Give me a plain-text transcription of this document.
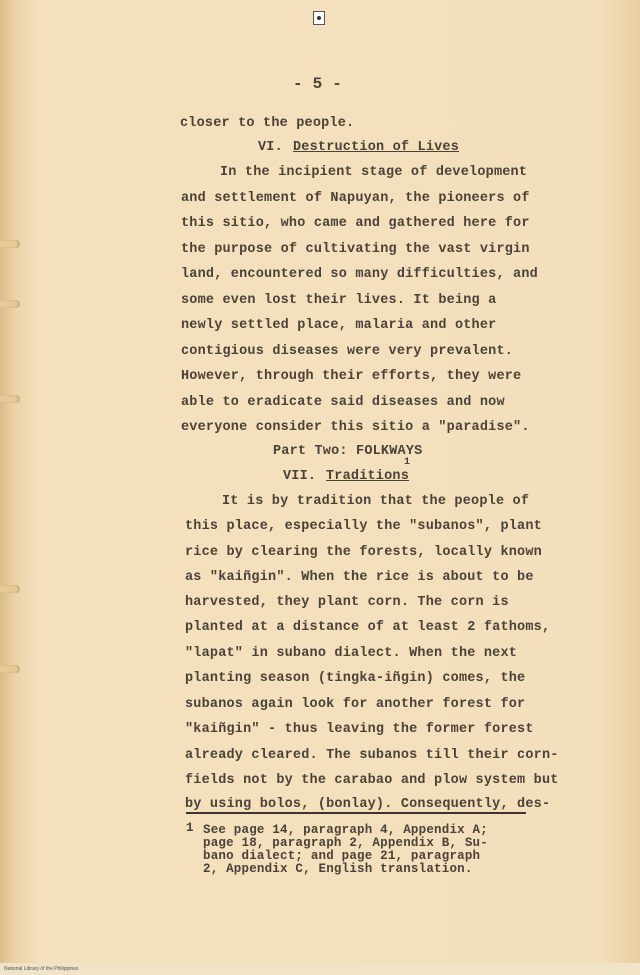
- 5 -
closer to the people.
VI. Destruction of Lives
In the incipient stage of development
and settlement of Napuyan, the pioneers of
this sitio, who came and gathered here for
the purpose of cultivating the vast virgin
land, encountered so many difficulties, and
some even lost their lives. It being a
newly settled place, malaria and other
contigious diseases were very prevalent.
However, through their efforts, they were
able to eradicate said diseases and now
everyone consider this sitio a "paradise".
Part Two: FOLKWAYS
VII. Traditions
1
It is by tradition that the people of
this place, especially the "subanos", plant
rice by clearing the forests, locally known
as "kaiñgin". When the rice is about to be
harvested, they plant corn. The corn is
planted at a distance of at least 2 fathoms,
"lapat" in subano dialect. When the next
planting season (tingka-iñgin) comes, the
subanos again look for another forest for
"kaiñgin" - thus leaving the former forest
already cleared. The subanos till their corn-
fields not by the carabao and plow system but
by using bolos, (bonlay). Consequently, des-
1 See page 14, paragraph 4, Appendix A;
page 18, paragraph 2, Appendix B, Su-
bano dialect; and page 21, paragraph
2, Appendix C, English translation.
National Library of the Philippines
